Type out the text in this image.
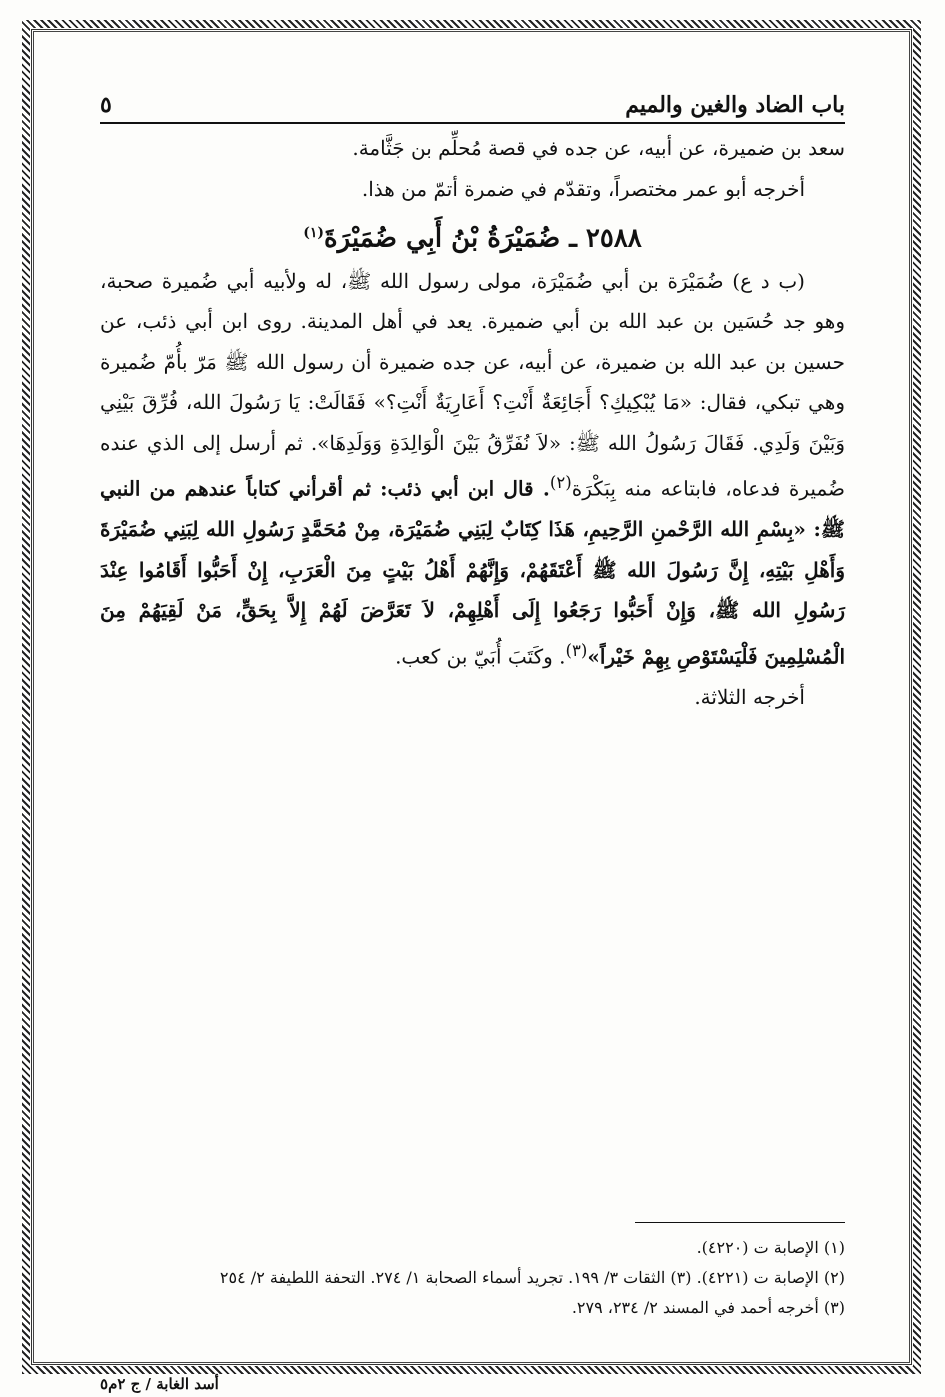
باب الضاد والغين والميم
٥

سعد بن ضميرة، عن أبيه، عن جده في قصة مُحلِّم بن جَثَّامة.

أخرجه أبو عمر مختصراً، وتقدّم في ضمرة أتمّ من هذا.

٢٥٨٨ ـ ضُمَيْرَةُ بْنُ أَبِي ضُمَيْرَةَ$^{(١)}$

(ب د ع) ضُمَيْرَة بن أبي ضُمَيْرَة، مولى رسول الله ﷺ، له ولأبيه أبي ضُميرة صحبة، وهو جد حُسَين بن عبد الله بن أبي ضميرة. يعد في أهل المدينة. روى ابن أبي ذئب، عن حسين بن عبد الله بن ضميرة، عن أبيه، عن جده ضميرة أن رسول الله ﷺ مَرّ بأُمّ ضُميرة وهي تبكي، فقال: «مَا يُبْكِيكِ؟ أَجَائِعَةٌ أَنْتِ؟ أَعَارِيَةٌ أَنْتِ؟» فَقَالَتْ: يَا رَسُولَ الله، فُرِّقَ بَيْنِي وَبَيْنَ وَلَدِي. فَقَالَ رَسُولُ الله ﷺ: «لاَ نُفَرِّقُ بَيْنَ الْوَالِدَةِ وَوَلَدِهَا». ثم أرسل إلى الذي عنده ضُميرة فدعاه، فابتاعه منه بِبَكْرَة$^{(٢)}$. قال ابن أبي ذئب: ثم أقرأني كتاباً عندهم من النبي ﷺ: «بِسْمِ الله الرَّحْمنِ الرَّحِيمِ، هَذَا كِتَابٌ لِبَنِي ضُمَيْرَة، مِنْ مُحَمَّدٍ رَسُولِ الله لِبَنِي ضُمَيْرَةَ وَأَهْلِ بَيْتِهِ، إِنَّ رَسُولَ الله ﷺ أَعْتَقَهُمْ، وَإِنَّهُمْ أَهْلُ بَيْتٍ مِنَ الْعَرَبِ، إِنْ أَحَبُّوا أَقَامُوا عِنْدَ رَسُولِ الله ﷺ، وَإِنْ أَحَبُّوا رَجَعُوا إِلَى أَهْلِهِمْ، لاَ تَعَرَّضَ لَهُمْ إِلاَّ بِحَقٍّ، مَنْ لَقِيَهُمْ مِنَ الْمُسْلِمِينَ فَلْيَسْتَوْصِ بِهِمْ خَيْراً»$^{(٣)}$. وكَتَبَ أُبَيّ بن كعب.

أخرجه الثلاثة.

(١) الإصابة ت (٤٢٢٠).
(٢) الإصابة ت (٤٢٢١). (٣) الثقات ٣/ ١٩٩. تجريد أسماء الصحابة ١/ ٢٧٤. التحفة اللطيفة ٢/ ٢٥٤
(٣) أخرجه أحمد في المسند ٢/ ٢٣٤، ٢٧٩.
أسد الغابة / ج ٢م٥
